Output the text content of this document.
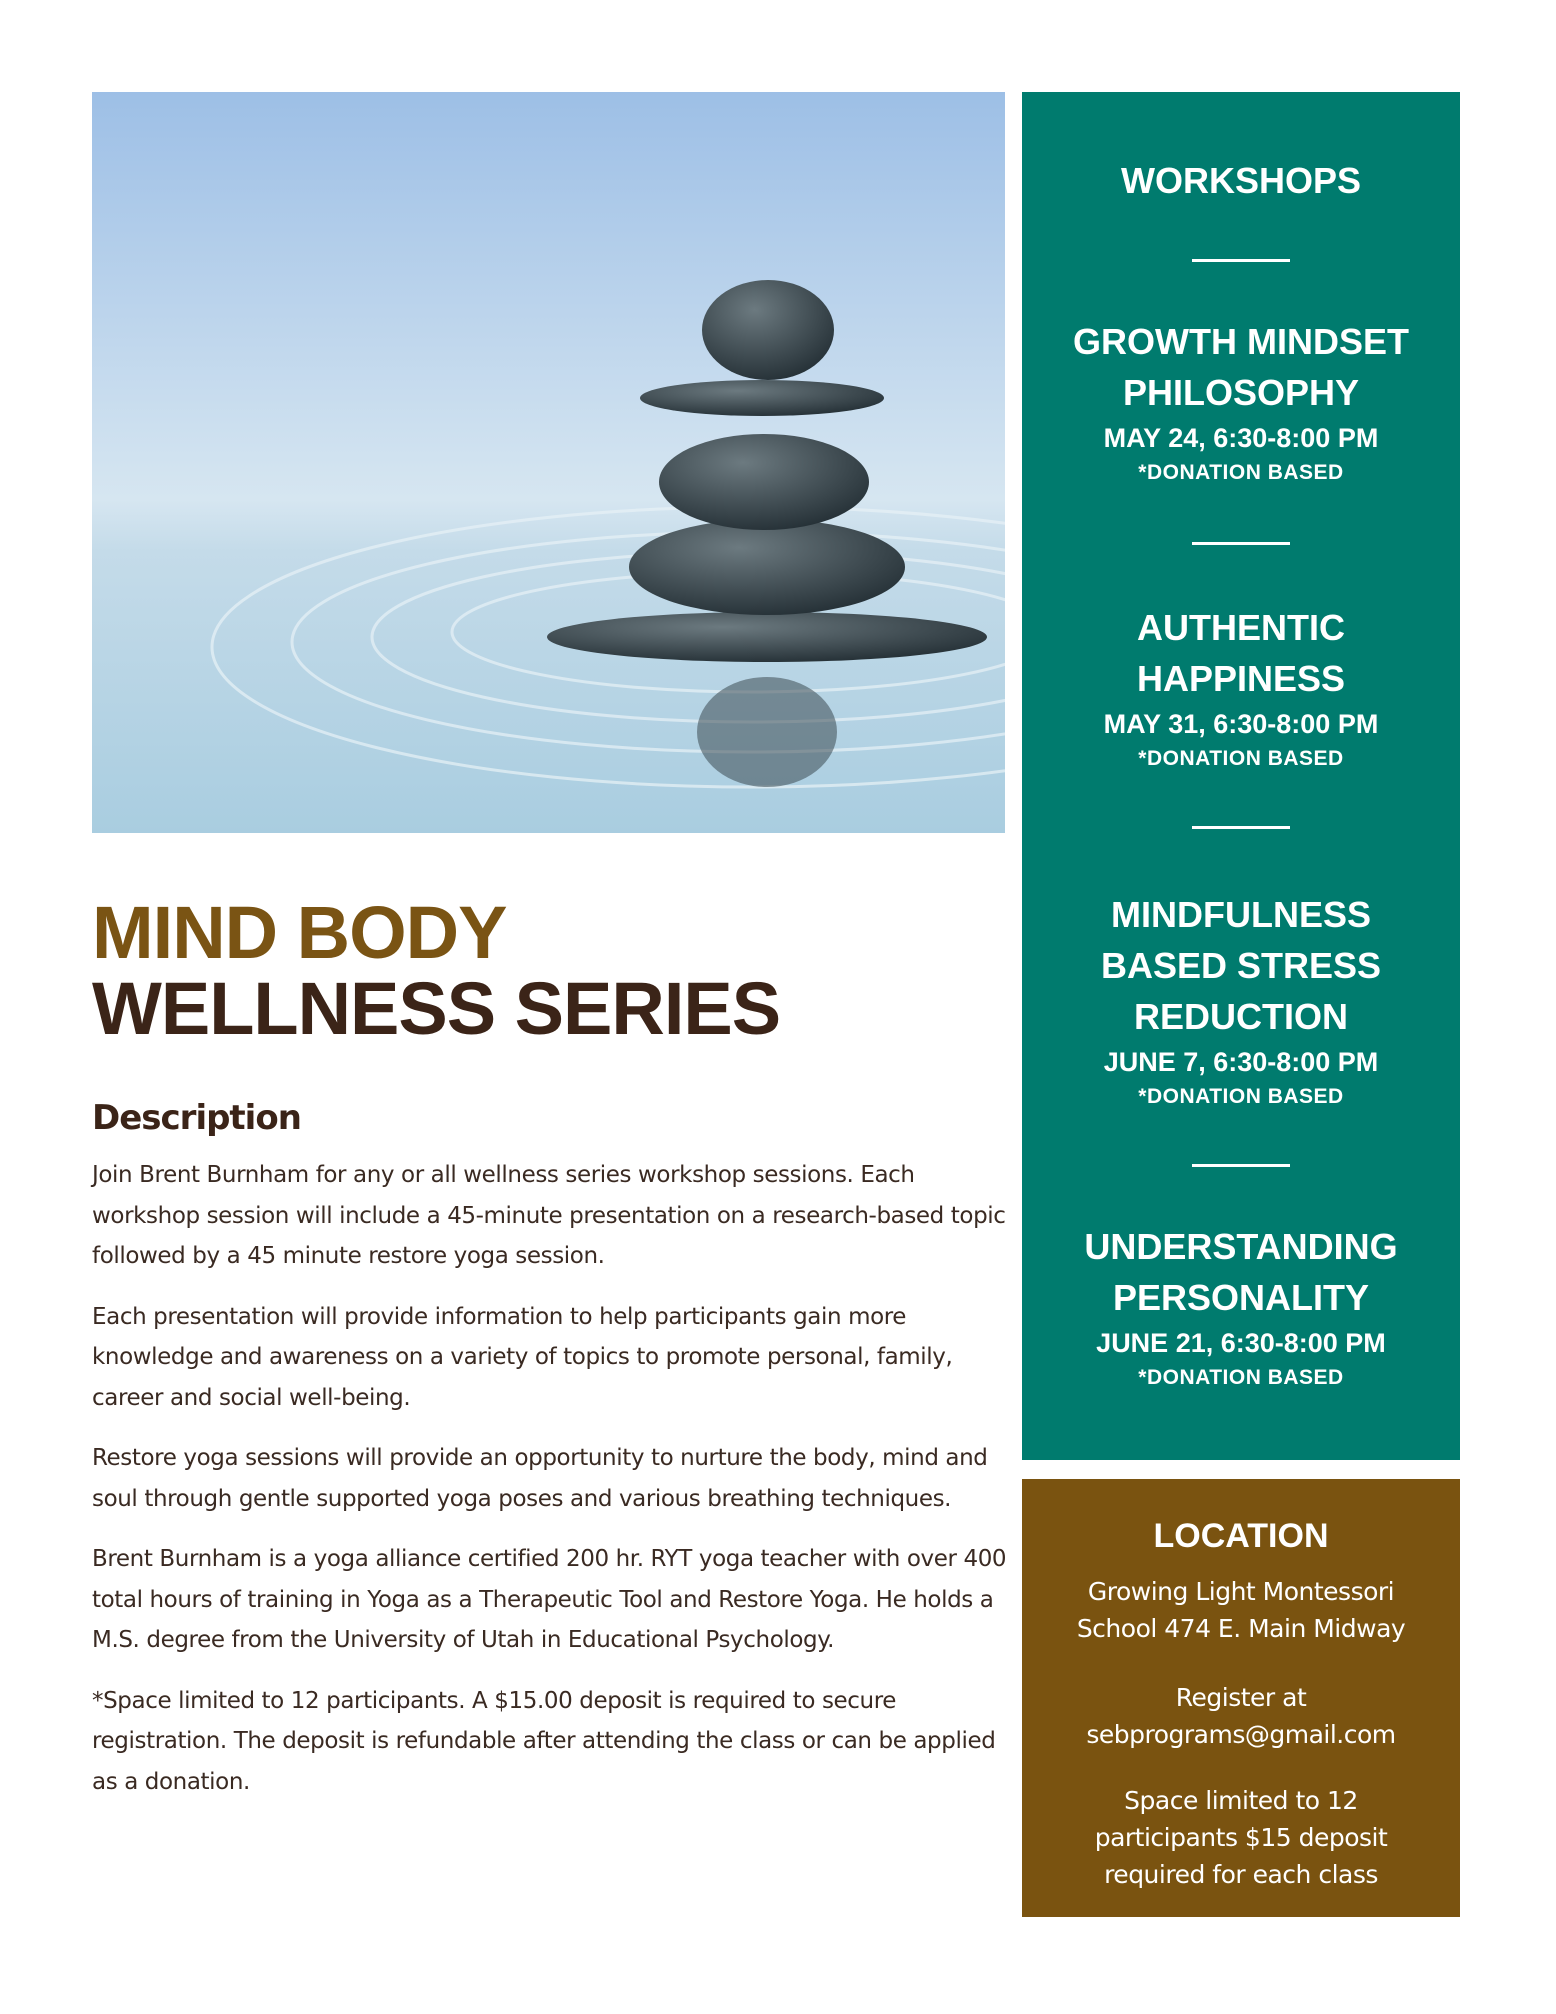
MIND BODY
WELLNESS SERIES
Description

Join Brent Burnham for any or all wellness series workshop sessions. Each workshop session will include a 45-minute presentation on a research-based topic followed by a 45 minute restore yoga session.

Each presentation will provide information to help participants gain more knowledge and awareness on a variety of topics to promote personal, family, career and social well-being.

Restore yoga sessions will provide an opportunity to nurture the body, mind and soul through gentle supported yoga poses and various breathing techniques.

Brent Burnham is a yoga alliance certified 200 hr. RYT yoga teacher with over 400 total hours of training in Yoga as a Therapeutic Tool and Restore Yoga. He holds a M.S. degree from the University of Utah in Educational Psychology.

*Space limited to 12 participants. A $15.00 deposit is required to secure registration. The deposit is refundable after attending the class or can be applied as a donation.

WORKSHOPS
GROWTH MINDSET
PHILOSOPHY
MAY 24, 6:30-8:00 PM
*DONATION BASED
AUTHENTIC
HAPPINESS
MAY 31, 6:30-8:00 PM
*DONATION BASED
MINDFULNESS
BASED STRESS
REDUCTION
JUNE 7, 6:30-8:00 PM
*DONATION BASED
UNDERSTANDING
PERSONALITY
JUNE 21, 6:30-8:00 PM
*DONATION BASED
LOCATION
Growing Light Montessori
School 474 E. Main Midway
Register at
sebprograms@gmail.com
Space limited to 12
participants $15 deposit
required for each class
